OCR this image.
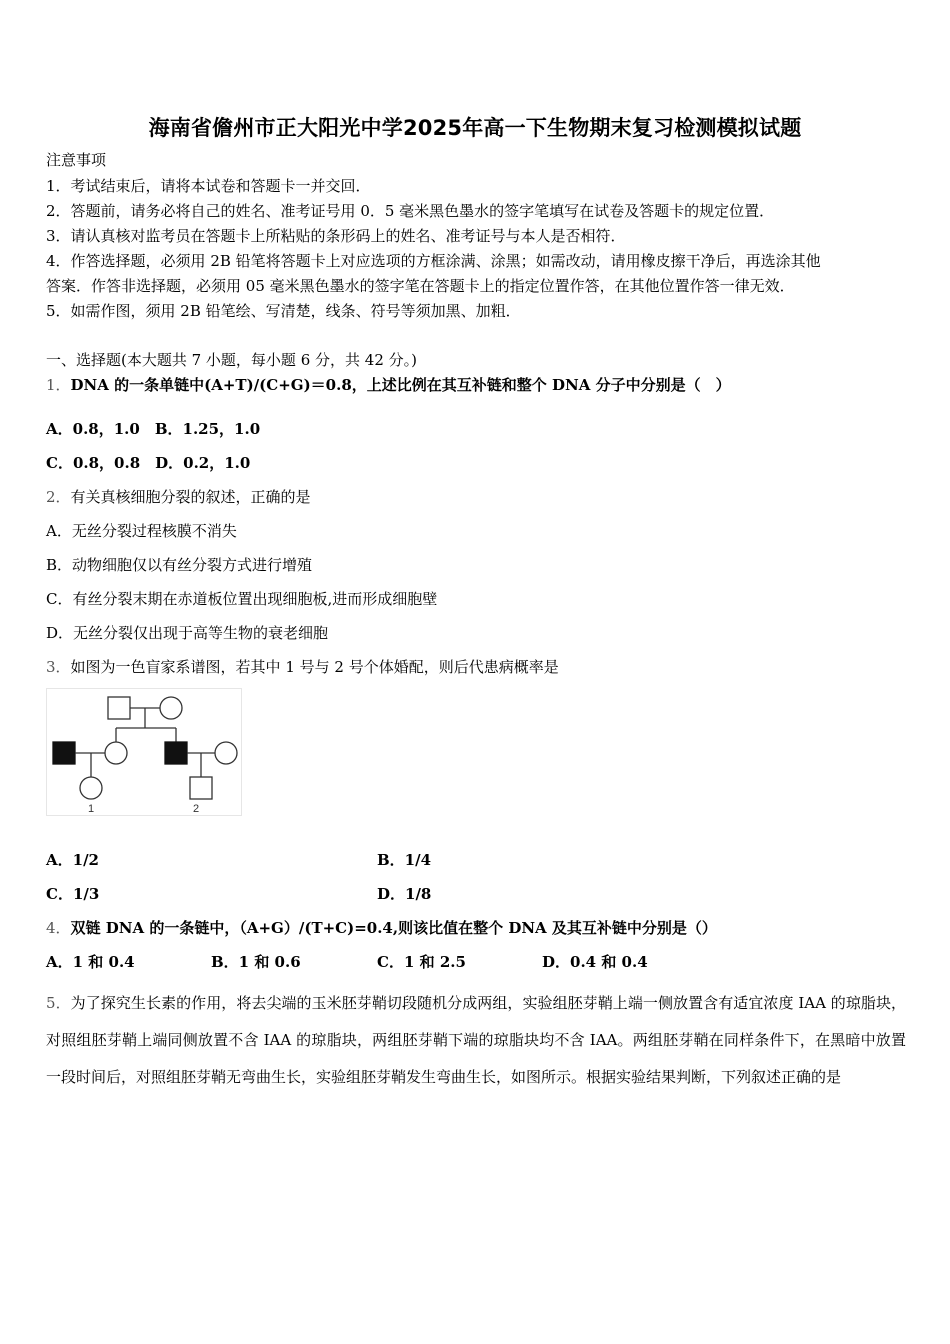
海南省儋州市正大阳光中学2025年高一下生物期末复习检测模拟试题
注意事项
1．考试结束后，请将本试卷和答题卡一并交回．
2．答题前，请务必将自己的姓名、准考证号用 0．5 毫米黑色墨水的签字笔填写在试卷及答题卡的规定位置．
3．请认真核对监考员在答题卡上所粘贴的条形码上的姓名、准考证号与本人是否相符．
4．作答选择题，必须用 2B 铅笔将答题卡上对应选项的方框涂满、涂黑；如需改动，请用橡皮擦干净后，再选涂其他
答案．作答非选择题，必须用 05 毫米黑色墨水的签字笔在答题卡上的指定位置作答，在其他位置作答一律无效．
5．如需作图，须用 2B 铅笔绘、写清楚，线条、符号等须加黑、加粗．
一、选择题(本大题共 7 小题，每小题 6 分，共 42 分。)
1．DNA 的一条单链中(A+T)/(C+G)＝0.8，上述比例在其互补链和整个 DNA 分子中分别是（　）
A．0.8，1.0　B．1.25，1.0
C．0.8，0.8　D．0.2，1.0
2．有关真核细胞分裂的叙述，正确的是
A．无丝分裂过程核膜不消失
B．动物细胞仅以有丝分裂方式进行增殖
C．有丝分裂末期在赤道板位置出现细胞板,进而形成细胞壁
D．无丝分裂仅出现于高等生物的衰老细胞
3．如图为一色盲家系谱图，若其中 1 号与 2 号个体婚配，则后代患病概率是
1	2
A．1/2	B．1/4
C．1/3	D．1/8
4．双链 DNA 的一条链中，（A+G）/(T+C)=0.4,则该比值在整个 DNA 及其互补链中分别是（）
A．1 和 0.4	B．1 和 0.6	C．1 和 2.5	D．0.4 和 0.4
5．为了探究生长素的作用，将去尖端的玉米胚芽鞘切段随机分成两组，实验组胚芽鞘上端一侧放置含有适宜浓度 IAA 的琼脂块，对照组胚芽鞘上端同侧放置不含 IAA 的琼脂块，两组胚芽鞘下端的琼脂块均不含 IAA。两组胚芽鞘在同样条件下，在黑暗中放置一段时间后，对照组胚芽鞘无弯曲生长，实验组胚芽鞘发生弯曲生长，如图所示。根据实验结果判断，下列叙述正确的是
